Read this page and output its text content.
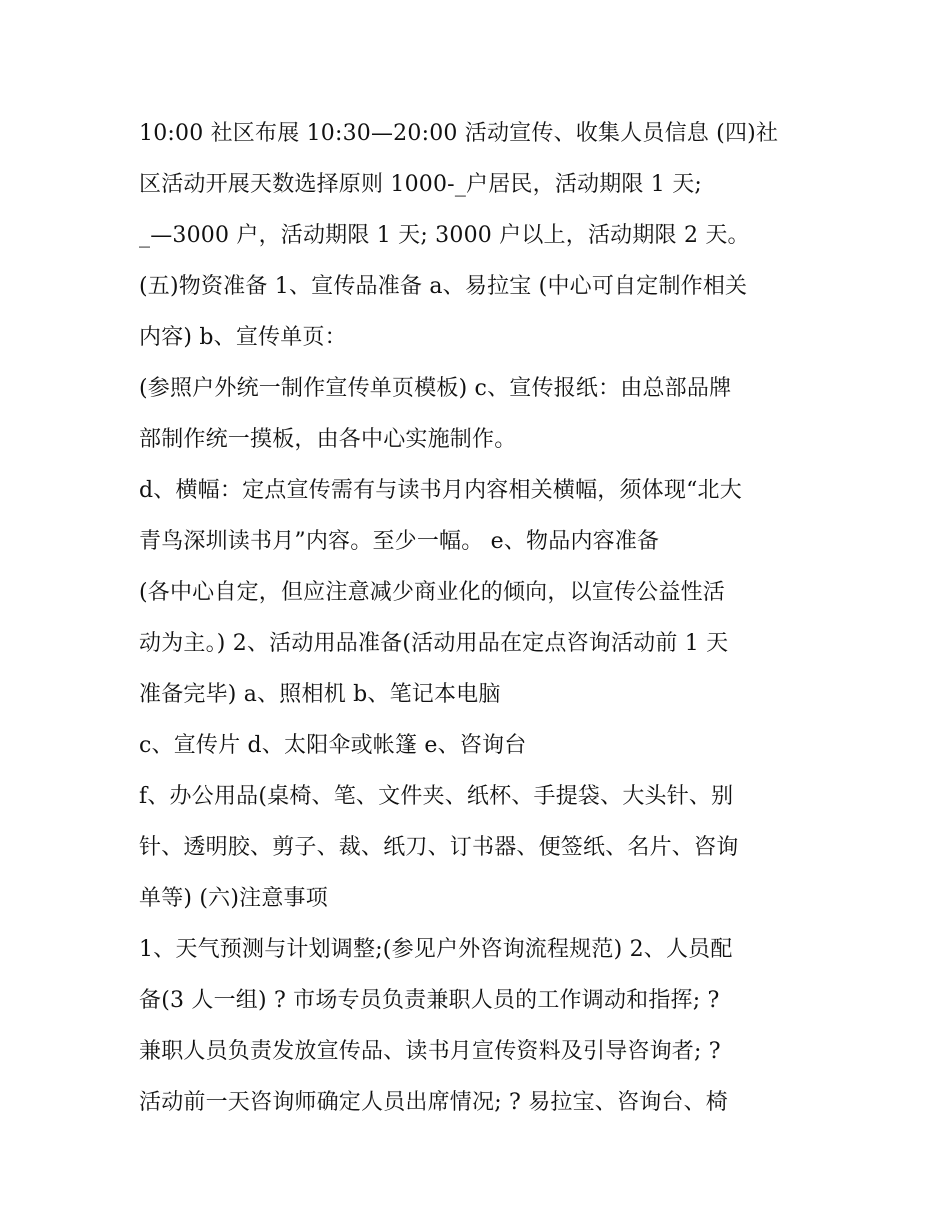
10:00 社区布展 10:30—20:00 活动宣传、收集人员信息 (四)社
区活动开展天数选择原则 1000-_户居民，活动期限 1 天;
_—3000 户，活动期限 1 天; 3000 户以上，活动期限 2 天。
(五)物资准备 1、宣传品准备 a、易拉宝 (中心可自定制作相关
内容) b、宣传单页：
(参照户外统一制作宣传单页模板) c、宣传报纸：由总部品牌
部制作统一摸板，由各中心实施制作。
d、横幅：定点宣传需有与读书月内容相关横幅，须体现“北大
青鸟深圳读书月”内容。至少一幅。 e、物品内容准备
(各中心自定，但应注意减少商业化的倾向，以宣传公益性活
动为主。) 2、活动用品准备(活动用品在定点咨询活动前 1 天
准备完毕) a、照相机 b、笔记本电脑
c、宣传片 d、太阳伞或帐篷 e、咨询台
f、办公用品(桌椅、笔、文件夹、纸杯、手提袋、大头针、别
针、透明胶、剪子、裁、纸刀、订书器、便签纸、名片、咨询
单等) (六)注意事项
1、天气预测与计划调整;(参见户外咨询流程规范) 2、人员配
备(3 人一组) ? 市场专员负责兼职人员的工作调动和指挥; ?
兼职人员负责发放宣传品、读书月宣传资料及引导咨询者; ?
活动前一天咨询师确定人员出席情况; ? 易拉宝、咨询台、椅
